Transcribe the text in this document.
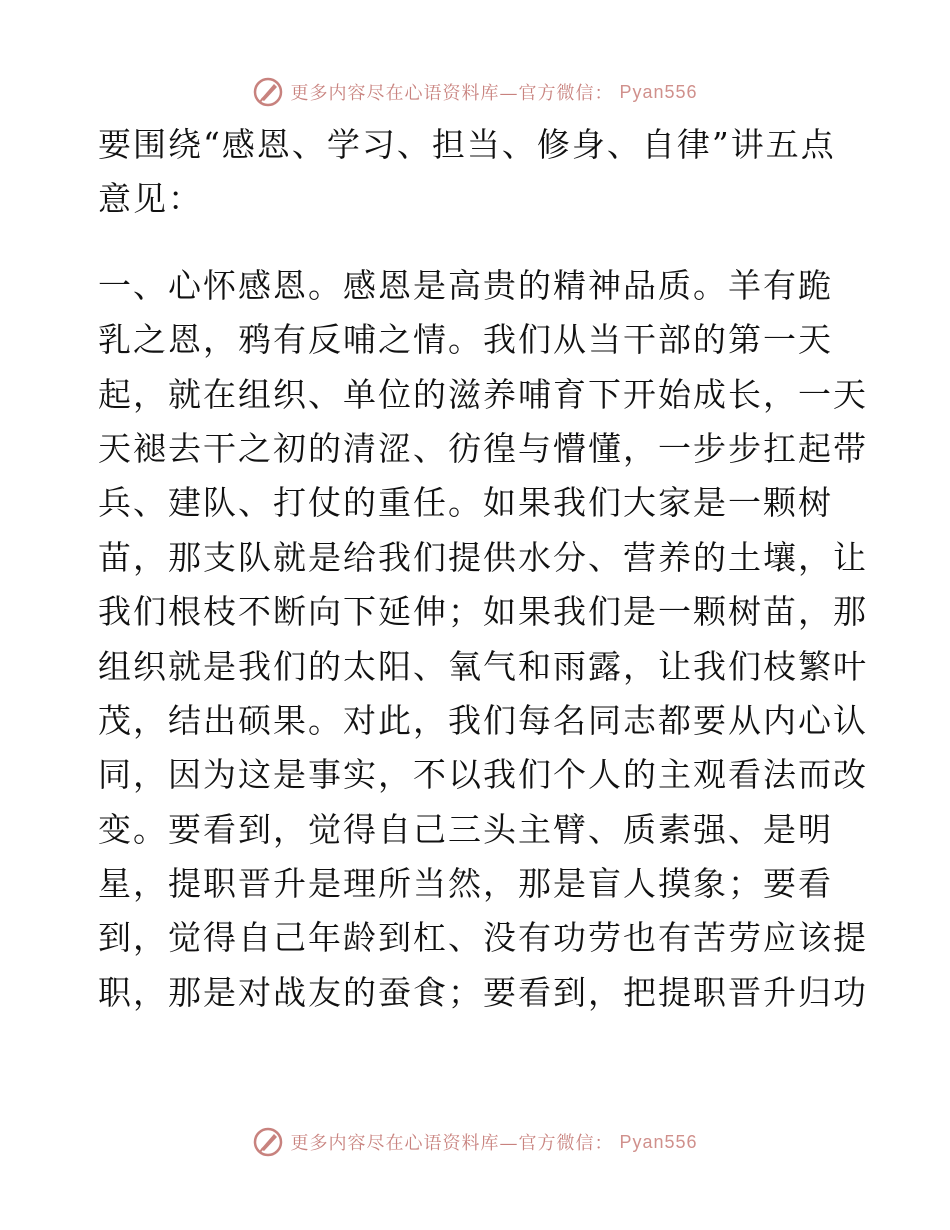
更多内容尽在心语资料库—官方微信： Pyan556
要围绕“感恩、学习、担当、修身、自律”讲五点
意见：
一、心怀感恩。感恩是高贵的精神品质。羊有跪
乳之恩，鸦有反哺之情。我们从当干部的第一天
起，就在组织、单位的滋养哺育下开始成长，一天
天褪去干之初的清涩、彷徨与懵懂，一步步扛起带
兵、建队、打仗的重任。如果我们大家是一颗树
苗，那支队就是给我们提供水分、营养的土壤，让
我们根枝不断向下延伸；如果我们是一颗树苗，那
组织就是我们的太阳、氧气和雨露，让我们枝繁叶
茂，结出硕果。对此，我们每名同志都要从内心认
同，因为这是事实，不以我们个人的主观看法而改
变。要看到，觉得自己三头主臂、质素强、是明
星，提职晋升是理所当然，那是盲人摸象；要看
到，觉得自己年龄到杠、没有功劳也有苦劳应该提
职，那是对战友的蚕食；要看到，把提职晋升归功
更多内容尽在心语资料库—官方微信： Pyan556
